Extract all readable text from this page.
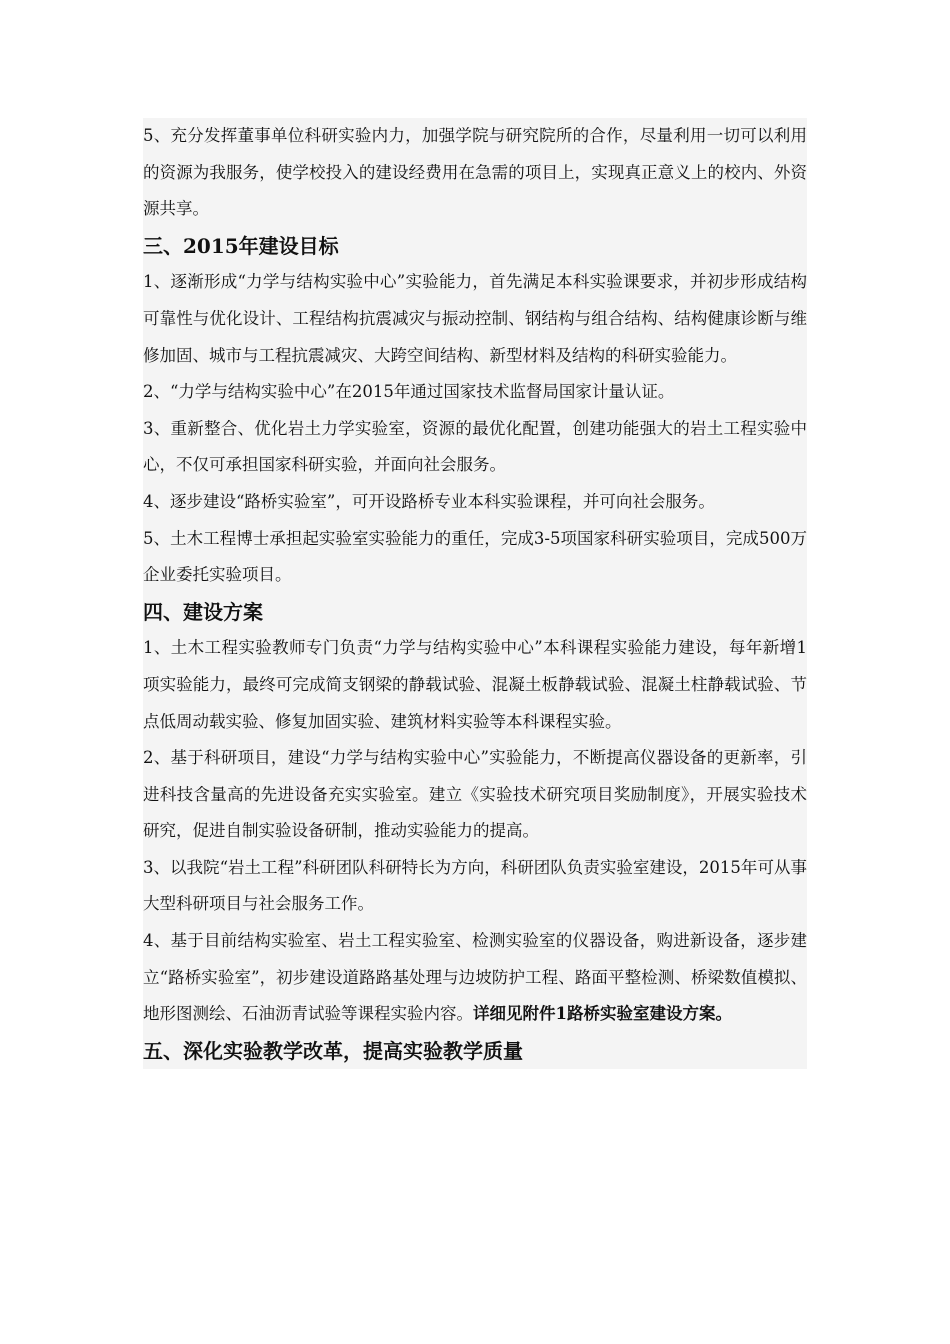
5、充分发挥董事单位科研实验内力，加强学院与研究院所的合作，尽量利用一切可以利用的资源为我服务，使学校投入的建设经费用在急需的项目上，实现真正意义上的校内、外资源共享。

三、2015年建设目标

1、逐渐形成“力学与结构实验中心”实验能力，首先满足本科实验课要求，并初步形成结构可靠性与优化设计、工程结构抗震减灾与振动控制、钢结构与组合结构、结构健康诊断与维修加固、城市与工程抗震减灾、大跨空间结构、新型材料及结构的科研实验能力。

2、“力学与结构实验中心”在2015年通过国家技术监督局国家计量认证。

3、重新整合、优化岩土力学实验室，资源的最优化配置，创建功能强大的岩土工程实验中心，不仅可承担国家科研实验，并面向社会服务。

4、逐步建设“路桥实验室”，可开设路桥专业本科实验课程，并可向社会服务。

5、土木工程博士承担起实验室实验能力的重任，完成3-5项国家科研实验项目，完成500万企业委托实验项目。

四、建设方案

1、土木工程实验教师专门负责“力学与结构实验中心”本科课程实验能力建设，每年新增1项实验能力，最终可完成简支钢梁的静载试验、混凝土板静载试验、混凝土柱静载试验、节点低周动载实验、修复加固实验、建筑材料实验等本科课程实验。

2、基于科研项目，建设“力学与结构实验中心”实验能力，不断提高仪器设备的更新率，引进科技含量高的先进设备充实实验室。建立《实验技术研究项目奖励制度》，开展实验技术研究，促进自制实验设备研制，推动实验能力的提高。

3、以我院“岩土工程”科研团队科研特长为方向，科研团队负责实验室建设，2015年可从事大型科研项目与社会服务工作。

4、基于目前结构实验室、岩土工程实验室、检测实验室的仪器设备，购进新设备，逐步建立“路桥实验室”，初步建设道路路基处理与边坡防护工程、路面平整检测、桥梁数值模拟、地形图测绘、石油沥青试验等课程实验内容。详细见附件1路桥实验室建设方案。

五、深化实验教学改革，提高实验教学质量
